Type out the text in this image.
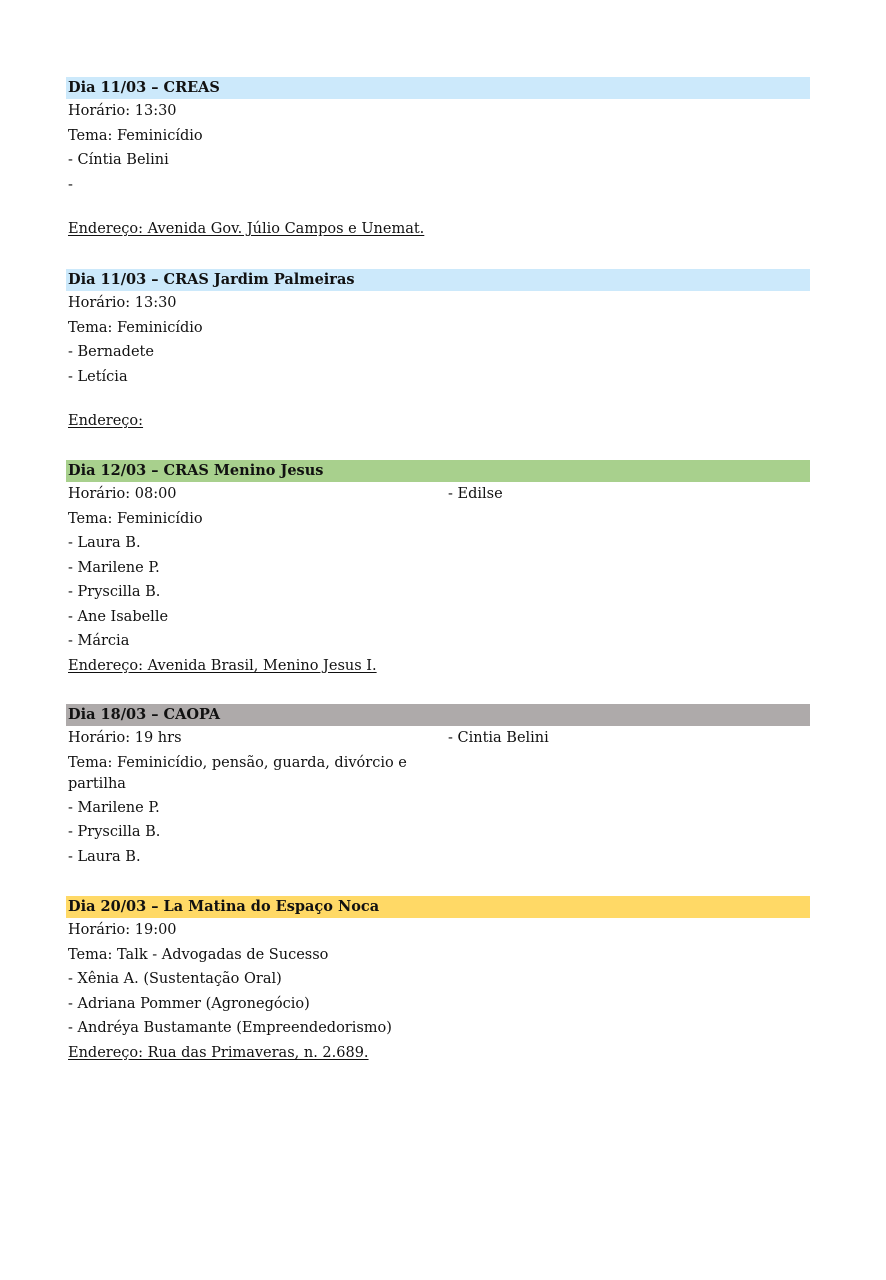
Dia 11/03 – CREAS
Horário: 13:30
Tema: Feminicídio
- Cíntia Belini
-
Endereço: Avenida Gov. Júlio Campos e Unemat.
Dia 11/03 – CRAS Jardim Palmeiras
Horário: 13:30
Tema: Feminicídio
- Bernadete
- Letícia
Endereço:
Dia 12/03 – CRAS Menino Jesus
Horário: 08:00	- Edilse
Tema: Feminicídio
- Laura B.
- Marilene P.
- Pryscilla B.
- Ane Isabelle
- Márcia
Endereço: Avenida Brasil, Menino Jesus I.
Dia 18/03 – CAOPA
Horário: 19 hrs	- Cintia Belini
Tema: Feminicídio, pensão, guarda, divórcio e partilha
- Marilene P.
- Pryscilla B.
- Laura B.
Dia 20/03 – La Matina do Espaço Noca
Horário: 19:00
Tema: Talk - Advogadas de Sucesso
- Xênia A. (Sustentação Oral)
- Adriana Pommer (Agronegócio)
- Andréya Bustamante (Empreendedorismo)
Endereço: Rua das Primaveras, n. 2.689.
